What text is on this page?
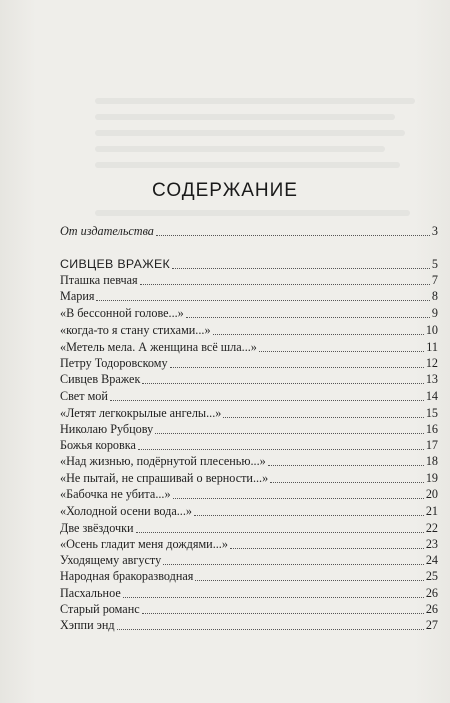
СОДЕРЖАНИЕ
От издательства	3
СИВЦЕВ ВРАЖЕК	5
Пташка певчая	7
Мария	8
«В бессонной голове...»	9
«когда-то я стану стихами...»	10
«Метель мела. А женщина всё шла...»	11
Петру Тодоровскому	12
Сивцев Вражек	13
Свет мой	14
«Летят легкокрылые ангелы...»	15
Николаю Рубцову	16
Божья коровка	17
«Над жизнью, подёрнутой плесенью...»	18
«Не пытай, не спрашивай о верности...»	19
«Бабочка не убита...»	20
«Холодной осени вода...»	21
Две звёздочки	22
«Осень гладит меня дождями...»	23
Уходящему августу	24
Народная бракоразводная	25
Пасхальное	26
Старый романс	26
Хэппи энд	27
